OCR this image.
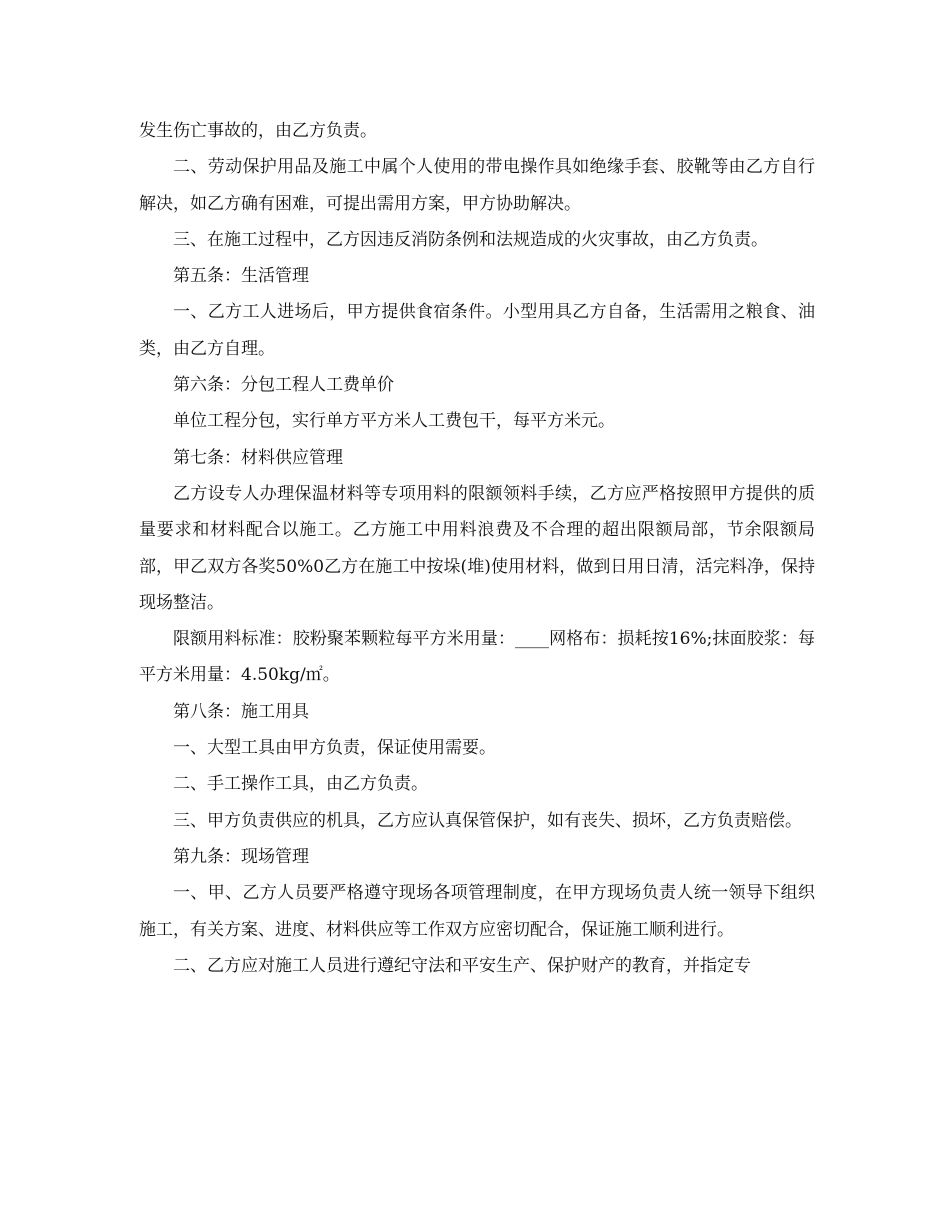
发生伤亡事故的，由乙方负责。

二、劳动保护用品及施工中属个人使用的带电操作具如绝缘手套、胶靴等由乙方自行解决，如乙方确有困难，可提出需用方案，甲方协助解决。

三、在施工过程中，乙方因违反消防条例和法规造成的火灾事故，由乙方负责。

第五条：生活管理

一、乙方工人进场后，甲方提供食宿条件。小型用具乙方自备，生活需用之粮食、油类，由乙方自理。

第六条：分包工程人工费单价

单位工程分包，实行单方平方米人工费包干，每平方米元。

第七条：材料供应管理

乙方设专人办理保温材料等专项用料的限额领料手续，乙方应严格按照甲方提供的质量要求和材料配合以施工。乙方施工中用料浪费及不合理的超出限额局部，节余限额局部，甲乙双方各奖50%0乙方在施工中按垛(堆)使用材料，做到日用日清，活完料净，保持现场整洁。

限额用料标准：胶粉聚苯颗粒每平方米用量：____网格布：损耗按16%;抹面胶浆：每平方米用量：4.50kg/㎡。

第八条：施工用具

一、大型工具由甲方负责，保证使用需要。

二、手工操作工具，由乙方负责。

三、甲方负责供应的机具，乙方应认真保管保护，如有丧失、损坏，乙方负责赔偿。

第九条：现场管理

一、甲、乙方人员要严格遵守现场各项管理制度，在甲方现场负责人统一领导下组织施工，有关方案、进度、材料供应等工作双方应密切配合，保证施工顺利进行。

二、乙方应对施工人员进行遵纪守法和平安生产、保护财产的教育，并指定专
